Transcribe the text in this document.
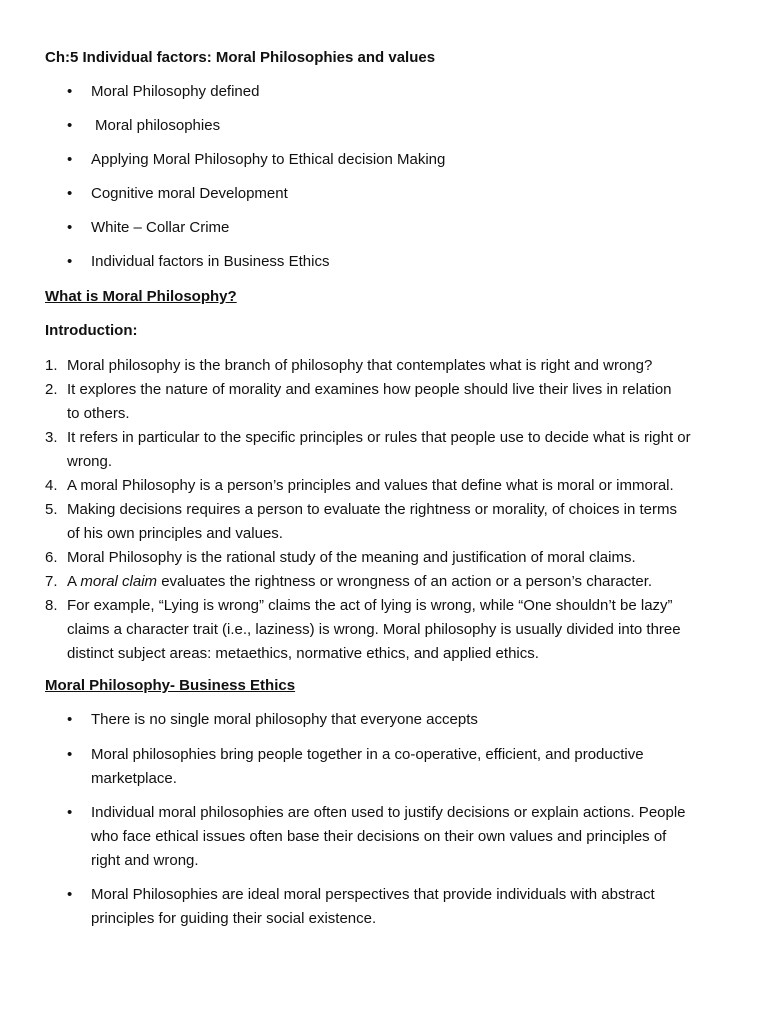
Ch:5 Individual factors: Moral Philosophies and values
•	Moral Philosophy defined
•	Moral philosophies
•	Applying Moral Philosophy to Ethical decision Making
•	Cognitive moral Development
•	White – Collar Crime
•	Individual factors in Business Ethics
What is Moral Philosophy?
Introduction:
1. Moral philosophy is the branch of philosophy that contemplates what is right and wrong?
2. It explores the nature of morality and examines how people should live their lives in relation to others.
3. It refers in particular to the specific principles or rules that people use to decide what is right or wrong.
4. A moral Philosophy is a person’s principles and values that define what is moral or immoral.
5. Making decisions requires a person to evaluate the rightness or morality, of choices in terms of his own principles and values.
6. Moral Philosophy is the rational study of the meaning and justification of moral claims.
7. A moral claim evaluates the rightness or wrongness of an action or a person’s character.
8. For example, “Lying is wrong” claims the act of lying is wrong, while “One shouldn’t be lazy” claims a character trait (i.e., laziness) is wrong. Moral philosophy is usually divided into three distinct subject areas: metaethics, normative ethics, and applied ethics.
Moral Philosophy- Business Ethics
•	There is no single moral philosophy that everyone accepts
•	Moral philosophies bring people together in a co-operative, efficient, and productive marketplace.
•	Individual moral philosophies are often used to justify decisions or explain actions. People who face ethical issues often base their decisions on their own values and principles of right and wrong.
•	Moral Philosophies are ideal moral perspectives that provide individuals with abstract principles for guiding their social existence.
